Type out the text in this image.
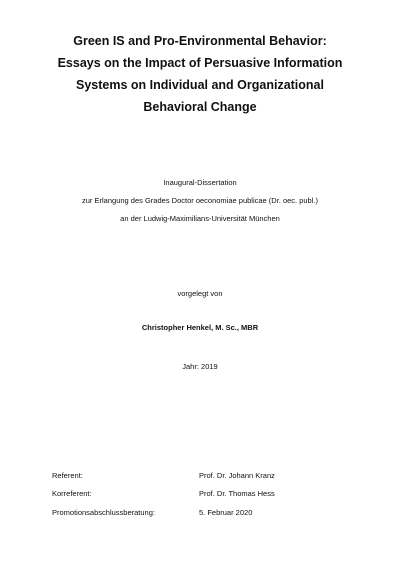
Green IS and Pro-Environmental Behavior:
Essays on the Impact of Persuasive Information
Systems on Individual and Organizational
Behavioral Change
Inaugural-Dissertation
zur Erlangung des Grades Doctor oeconomiae publicae (Dr. oec. publ.)
an der Ludwig-Maximilians-Universität München
vorgelegt von
Christopher Henkel, M. Sc., MBR
Jahr: 2019
Referent:	Prof. Dr. Johann Kranz
Korreferent:	Prof. Dr. Thomas Hess
Promotionsabschlussberatung:	5. Februar 2020
